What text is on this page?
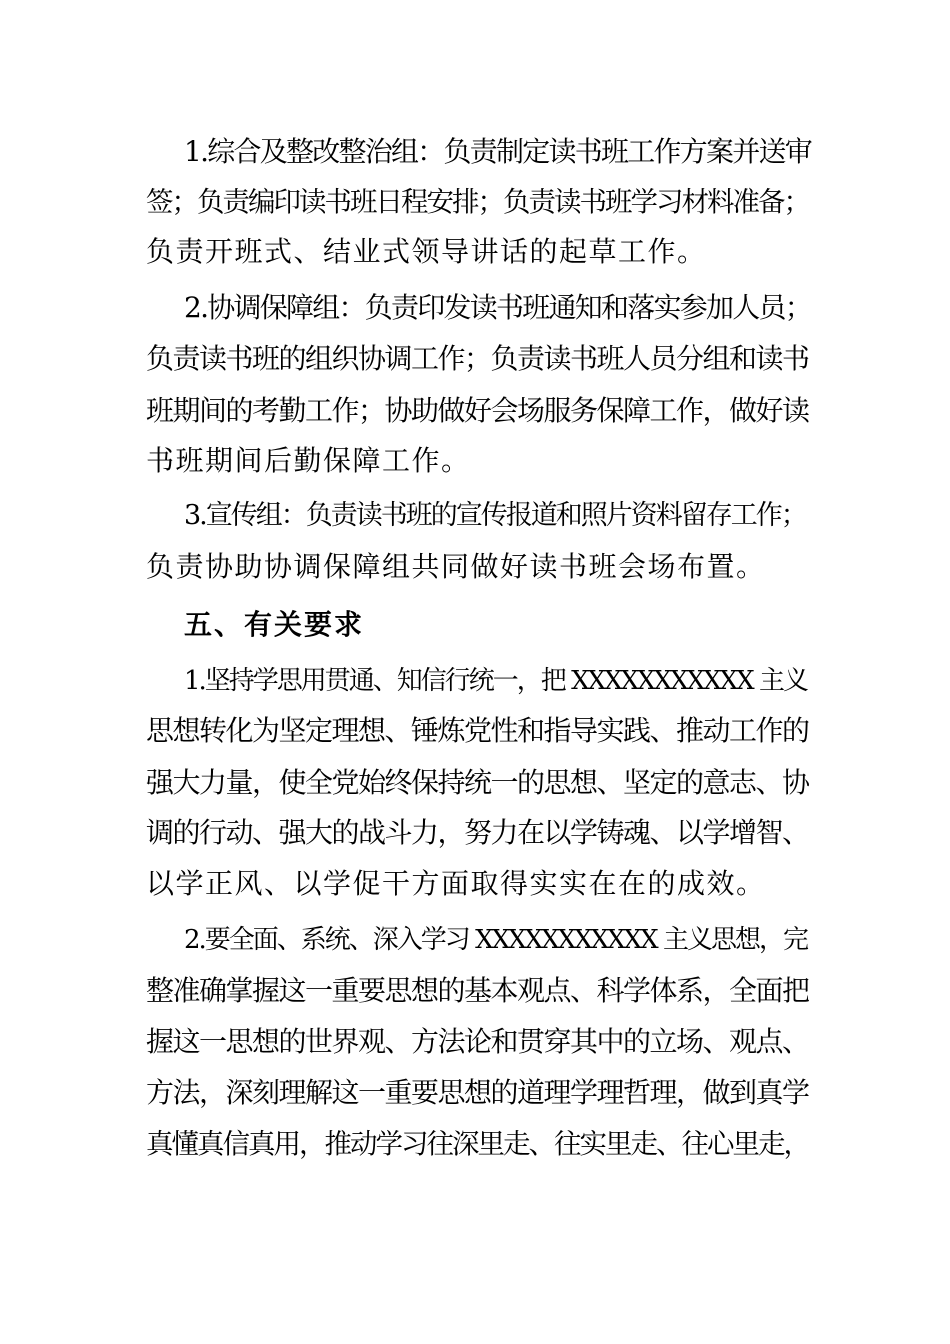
1.综合及整改整治组：负责制定读书班工作方案并送审
签；负责编印读书班日程安排；负责读书班学习材料准备；
负责开班式、结业式领导讲话的起草工作。
2.协调保障组：负责印发读书班通知和落实参加人员；
负责读书班的组织协调工作；负责读书班人员分组和读书
班期间的考勤工作；协助做好会场服务保障工作，做好读
书班期间后勤保障工作。
3.宣传组：负责读书班的宣传报道和照片资料留存工作；
负责协助协调保障组共同做好读书班会场布置。
五、有关要求
1.坚持学思用贯通、知信行统一，把 XXXXXXXXXXX 主义
思想转化为坚定理想、锤炼党性和指导实践、推动工作的
强大力量，使全党始终保持统一的思想、坚定的意志、协
调的行动、强大的战斗力，努力在以学铸魂、以学增智、
以学正风、以学促干方面取得实实在在的成效。
2.要全面、系统、深入学习 XXXXXXXXXXX 主义思想，完
整准确掌握这一重要思想的基本观点、科学体系，全面把
握这一思想的世界观、方法论和贯穿其中的立场、观点、
方法，深刻理解这一重要思想的道理学理哲理，做到真学
真懂真信真用，推动学习往深里走、往实里走、往心里走，
